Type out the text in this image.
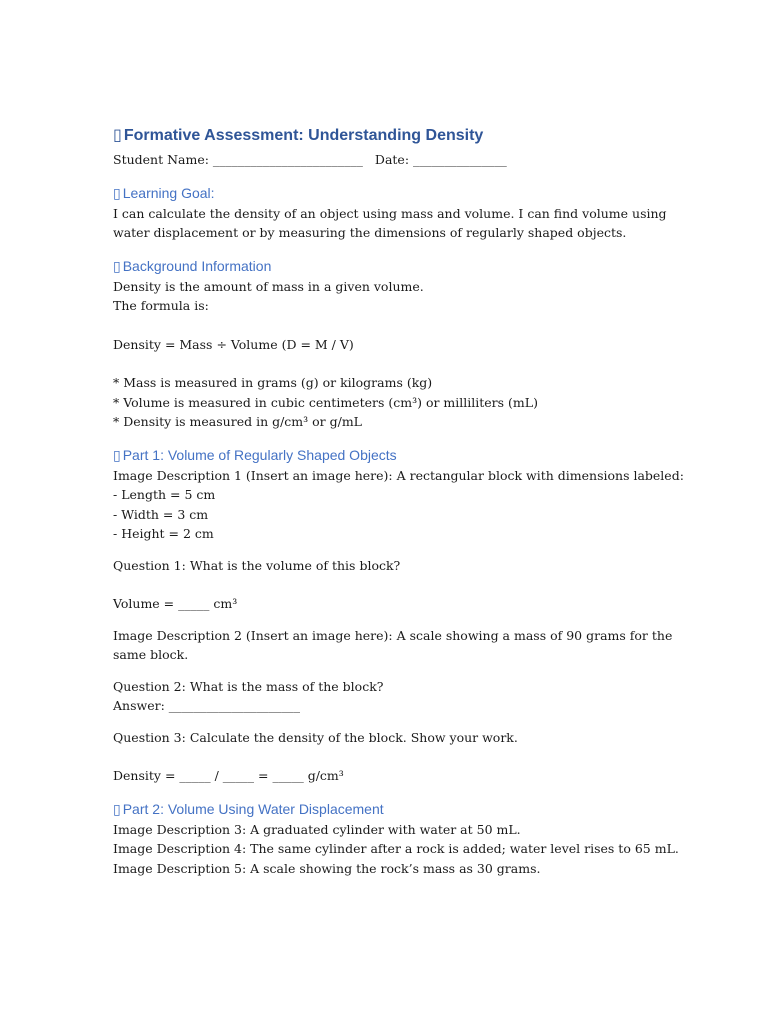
▯ Formative Assessment: Understanding Density
Student Name: ________________________ Date: _______________
▯ Learning Goal:
I can calculate the density of an object using mass and volume. I can find volume using
water displacement or by measuring the dimensions of regularly shaped objects.
▯ Background Information
Density is the amount of mass in a given volume.
The formula is:
Density = Mass ÷ Volume (D = M / V)
* Mass is measured in grams (g) or kilograms (kg)
* Volume is measured in cubic centimeters (cm³) or milliliters (mL)
* Density is measured in g/cm³ or g/mL
▯ Part 1: Volume of Regularly Shaped Objects
Image Description 1 (Insert an image here): A rectangular block with dimensions labeled:
- Length = 5 cm
- Width = 3 cm
- Height = 2 cm
Question 1: What is the volume of this block?
Volume = _____ cm³
Image Description 2 (Insert an image here): A scale showing a mass of 90 grams for the
same block.
Question 2: What is the mass of the block?
Answer: _____________________
Question 3: Calculate the density of the block. Show your work.
Density = _____ / _____ = _____ g/cm³
▯ Part 2: Volume Using Water Displacement
Image Description 3: A graduated cylinder with water at 50 mL.
Image Description 4: The same cylinder after a rock is added; water level rises to 65 mL.
Image Description 5: A scale showing the rock’s mass as 30 grams.
